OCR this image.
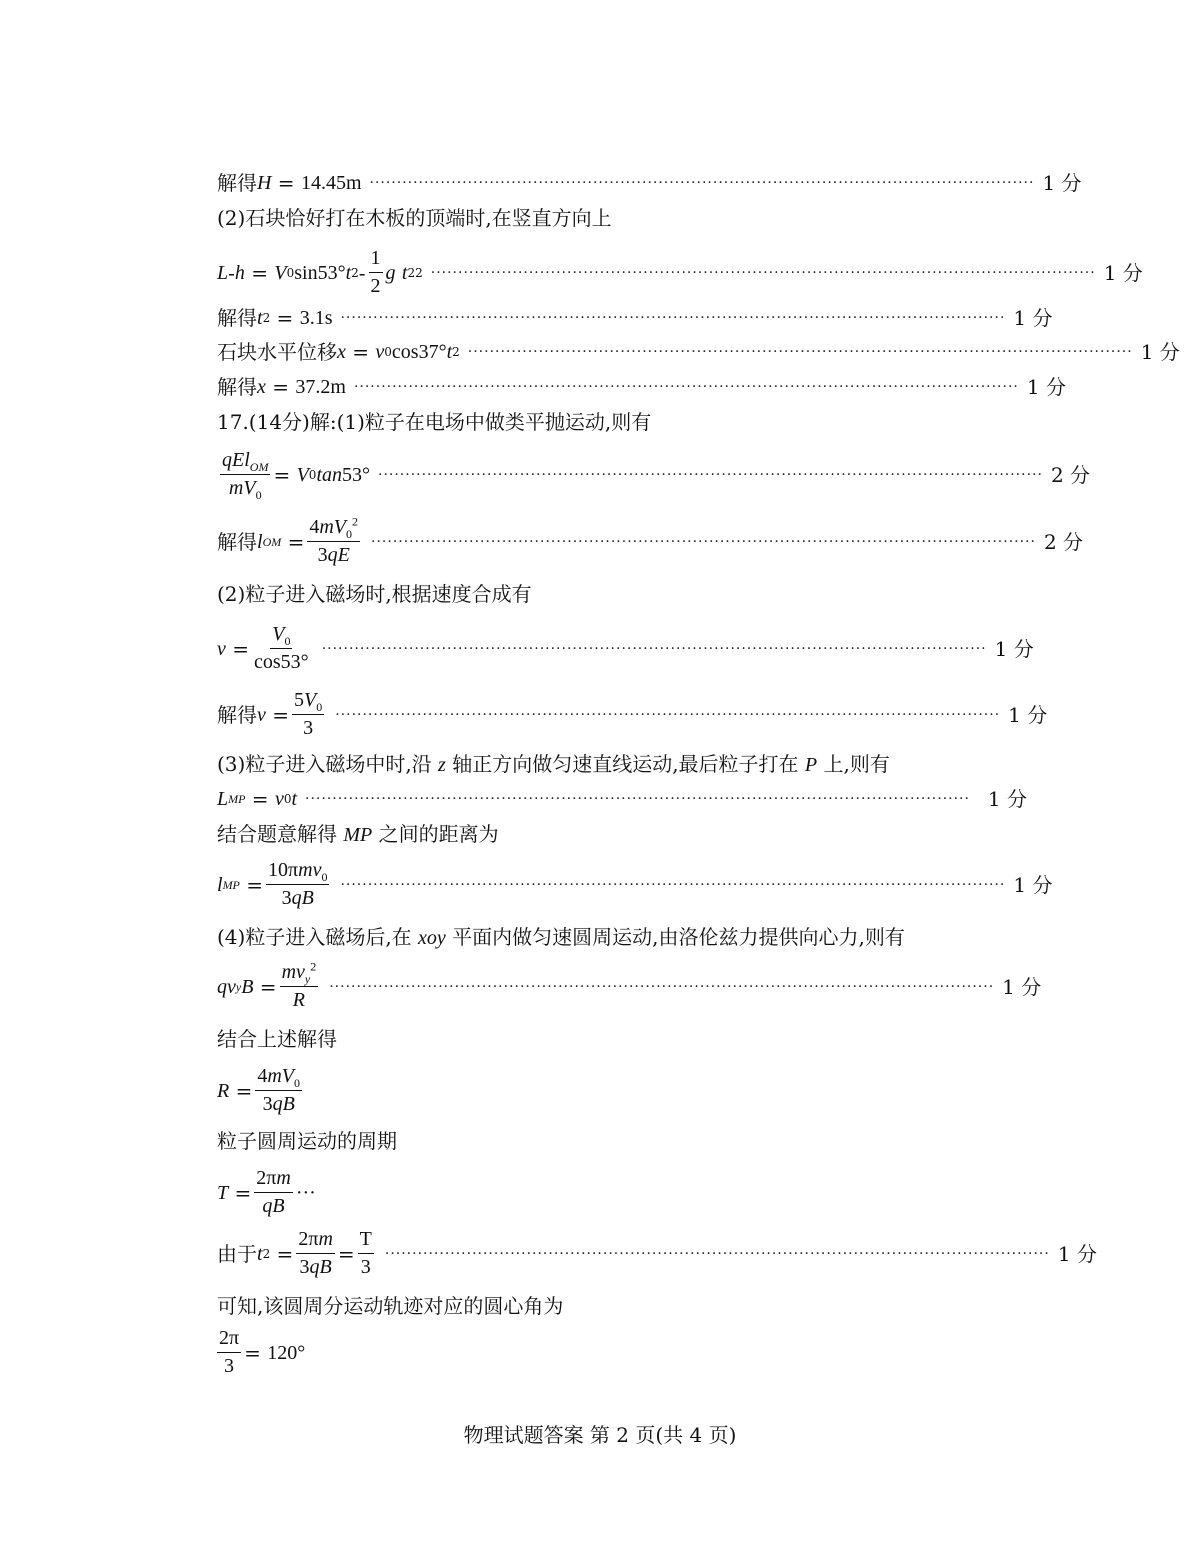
解得 H = 14.45m ·························································································································· 1 分
(2)石块恰好打在木板的顶端时,在竖直方向上
L - h = V 0 sin53° t $2 - \frac{1}{2}$ g
t 2 2 ·························································································································· 1 分
解得 t 2 = 3.1s ·························································································································· 1 分
石块水平位移 x = v 0 cos37° t 2 ·························································································································· 1 分
解得 x = 37.2m ·························································································································· 1 分
17.(14分)解:(1)粒子在电场中做类平抛运动,则有
$\frac{qEl_{OM}}{mV_0} = V$ 0 tan 53° ·························································································································· 2 分
解得 l OM = $\frac{4mV_0^2}{3qE}$ ·························································································································· 2 分
(2)粒子进入磁场时,根据速度合成有
$v = \frac{V_0}{\cos 53^\circ}$ ·························································································································· 1 分
解得 $v = \frac{5V_0}{3}$ ·························································································································· 1 分
(3)粒子进入磁场中时,沿 z 轴正方向做匀速直线运动,最后粒子打在 P 上,则有
L MP = v 0 t ·························································································································· 1 分
结合题意解得 MP 之间的距离为
l MP = $\frac{10\pi mv_0}{3qB}$ ·························································································································· 1 分
(4)粒子进入磁场后,在 xoy 平面内做匀速圆周运动,由洛伦兹力提供向心力,则有
qv y $B = \frac{mv_y^2}{R}$ ·························································································································· 1 分
结合上述解得
$R = \frac{4mV_0}{3qB}$
粒子圆周运动的周期
$T = \frac{2\pi m}{qB}$ ···
由于 t $2 = \frac{2\pi m}{3qB} = \frac{T}{3}$ ·························································································································· 1 分
可知,该圆周分运动轨迹对应的圆心角为
$\frac{2\pi}{3} = 120^\circ$
物理试题答案 第 2 页(共 4 页)
